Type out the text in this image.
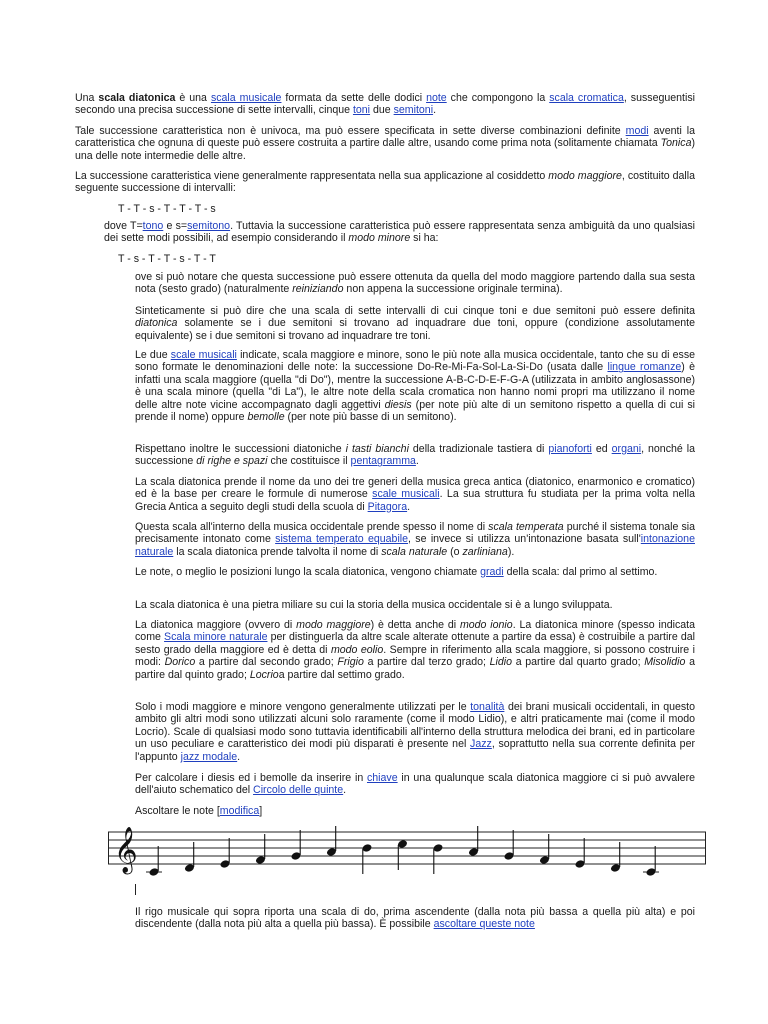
Una scala diatonica è una scala musicale formata da sette delle dodici note che compongono la scala cromatica, susseguentisi secondo una precisa successione di sette intervalli, cinque toni due semitoni.

Tale successione caratteristica non è univoca, ma può essere specificata in sette diverse combinazioni definite modi aventi la caratteristica che ognuna di queste può essere costruita a partire dalle altre, usando come prima nota (solitamente chiamata Tonica) una delle note intermedie delle altre.

La successione caratteristica viene generalmente rappresentata nella sua applicazione al cosiddetto modo maggiore, costituito dalla seguente successione di intervalli:

T - T - s - T - T - T - s

dove T=tono e s=semitono. Tuttavia la successione caratteristica può essere rappresentata senza ambiguità da uno qualsiasi dei sette modi possibili, ad esempio considerando il modo minore si ha:

T - s - T - T - s - T - T

ove si può notare che questa successione può essere ottenuta da quella del modo maggiore partendo dalla sua sesta nota (sesto grado) (naturalmente reiniziando non appena la successione originale termina).

Sinteticamente si può dire che una scala di sette intervalli di cui cinque toni e due semitoni può essere definita diatonica solamente se i due semitoni si trovano ad inquadrare due toni, oppure (condizione assolutamente equivalente) se i due semitoni si trovano ad inquadrare tre toni.

Le due scale musicali indicate, scala maggiore e minore, sono le più note alla musica occidentale, tanto che su di esse sono formate le denominazioni delle note: la successione Do-Re-Mi-Fa-Sol-La-Si-Do (usata dalle lingue romanze) è infatti una scala maggiore (quella "di Do"), mentre la successione A-B-C-D-E-F-G-A (utilizzata in ambito anglosassone) è una scala minore (quella "di La"), le altre note della scala cromatica non hanno nomi propri ma utilizzano il nome delle altre note vicine accompagnato dagli aggettivi diesis (per note più alte di un semitono rispetto a quella di cui si prende il nome) oppure bemolle (per note più basse di un semitono).

Rispettano inoltre le successioni diatoniche i tasti bianchi della tradizionale tastiera di pianoforti ed organi, nonché la successione di righe e spazi che costituisce il pentagramma.

La scala diatonica prende il nome da uno dei tre generi della musica greca antica (diatonico, enarmonico e cromatico) ed è la base per creare le formule di numerose scale musicali. La sua struttura fu studiata per la prima volta nella Grecia Antica a seguito degli studi della scuola di Pitagora.

Questa scala all'interno della musica occidentale prende spesso il nome di scala temperata purché il sistema tonale sia precisamente intonato come sistema temperato equabile, se invece si utilizza un'intonazione basata sull'intonazione naturale la scala diatonica prende talvolta il nome di scala naturale (o zarliniana).

Le note, o meglio le posizioni lungo la scala diatonica, vengono chiamate gradi della scala: dal primo al settimo.

La scala diatonica è una pietra miliare su cui la storia della musica occidentale si è a lungo sviluppata.

La diatonica maggiore (ovvero di modo maggiore) è detta anche di modo ionio. La diatonica minore (spesso indicata come Scala minore naturale per distinguerla da altre scale alterate ottenute a partire da essa) è costruibile a partire dal sesto grado della maggiore ed è detta di modo eolio. Sempre in riferimento alla scala maggiore, si possono costruire i modi: Dorico a partire dal secondo grado; Frigio a partire dal terzo grado; Lidio a partire dal quarto grado; Misolidio a partire dal quinto grado; Locrioa partire dal settimo grado.

Solo i modi maggiore e minore vengono generalmente utilizzati per le tonalità dei brani musicali occidentali, in questo ambito gli altri modi sono utilizzati alcuni solo raramente (come il modo Lidio), e altri praticamente mai (come il modo Locrio). Scale di qualsiasi modo sono tuttavia identificabili all'interno della struttura melodica dei brani, ed in particolare un uso peculiare e caratteristico dei modi più disparati è presente nel Jazz, soprattutto nella sua corrente definita per l'appunto jazz modale.

Per calcolare i diesis ed i bemolle da inserire in chiave in una qualunque scala diatonica maggiore ci si può avvalere dell'aiuto schematico del Circolo delle quinte.

Ascoltare le note [modifica]

𝄞

Il rigo musicale qui sopra riporta una scala di do, prima ascendente (dalla nota più bassa a quella più alta) e poi discendente (dalla nota più alta a quella più bassa). È possibile ascoltare queste note
